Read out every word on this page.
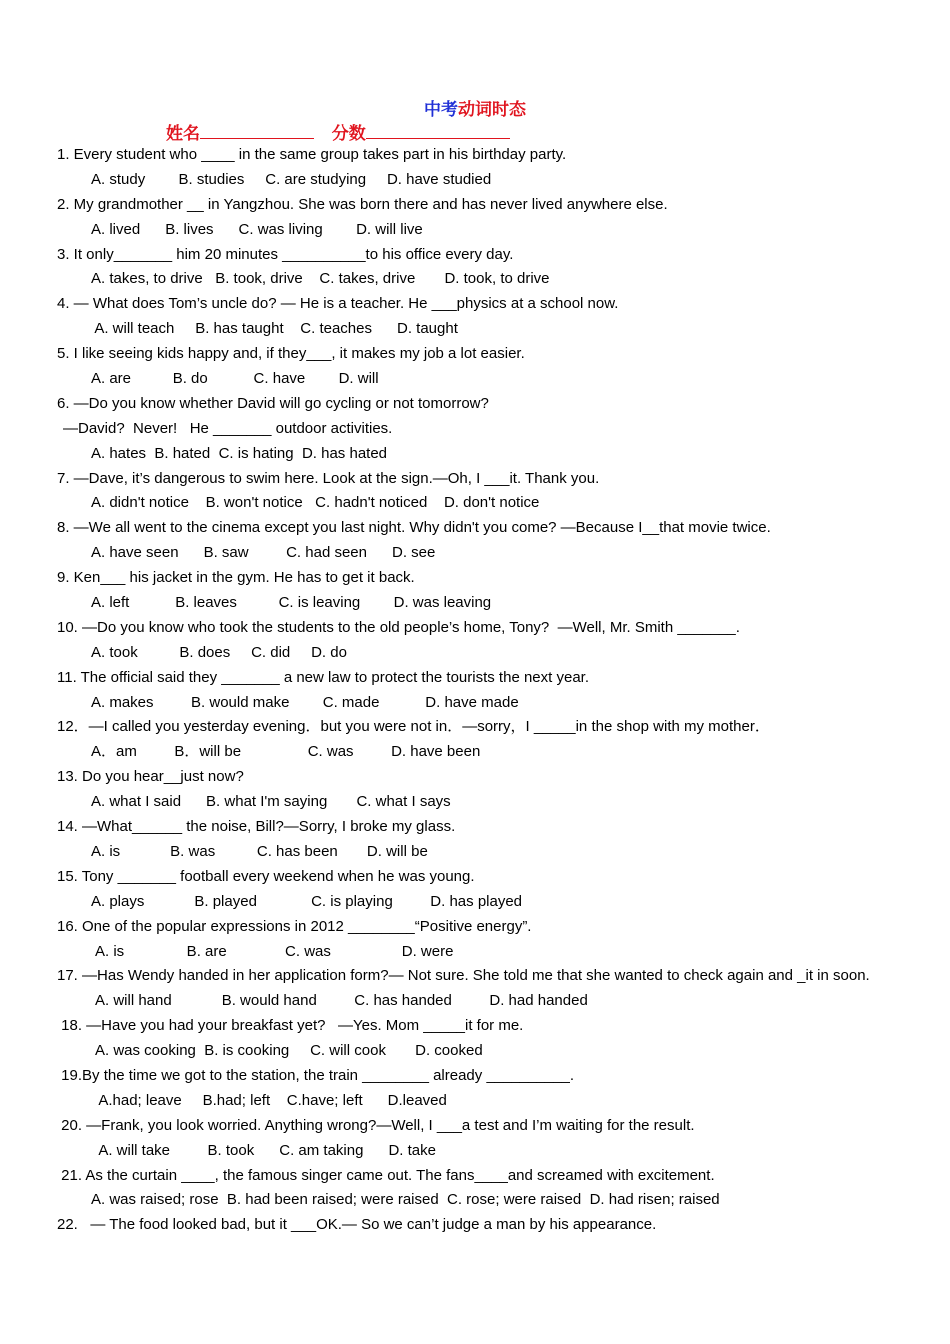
中考动词时态
姓名	分数
1. Every student who ____ in the same group takes part in his birthday party.
A. study        B. studies     C. are studying     D. have studied
2. My grandmother __ in Yangzhou. She was born there and has never lived anywhere else.
A. lived      B. lives      C. was living        D. will live
3. It only_______ him 20 minutes __________to his office every day.
A. takes, to drive   B. took, drive    C. takes, drive       D. took, to drive
4. — What does Tom’s uncle do? — He is a teacher. He ___physics at a school now.
A. will teach     B. has taught    C. teaches      D. taught
5. I like seeing kids happy and, if they___, it makes my job a lot easier.
A. are          B. do           C. have        D. will
6. —Do you know whether David will go cycling or not tomorrow?
—David?  Never!   He _______ outdoor activities.
A. hates  B. hated  C. is hating  D. has hated
7. —Dave, it’s dangerous to swim here. Look at the sign.—Oh, I ___it. Thank you.
A. didn't notice    B. won't notice   C. hadn't noticed    D. don't notice
8. —We all went to the cinema except you last night. Why didn't you come? —Because I__that movie twice.
A. have seen      B. saw         C. had seen      D. see
9. Ken___ his jacket in the gym. He has to get it back.
A. left           B. leaves          C. is leaving        D. was leaving
10. —Do you know who took the students to the old people’s home, Tony?  —Well, Mr. Smith _______.
A. took          B. does     C. did     D. do
11. The official said they _______ a new law to protect the tourists the next year.
A. makes         B. would make        C. made           D. have made
12．—I called you yesterday evening．but you were not in．—sorry，I _____in the shop with my mother．
A．am         B．will be                C. was         D. have been
13. Do you hear__just now?
A. what I said      B. what I'm saying       C. what I says
14. —What______ the noise, Bill?—Sorry, I broke my glass.
A. is            B. was          C. has been       D. will be
15. Tony _______ football every weekend when he was young.
A. plays            B. played             C. is playing         D. has played
16. One of the popular expressions in 2012 ________“Positive energy”.
A. is               B. are              C. was                 D. were
17. —Has Wendy handed in her application form?— Not sure. She told me that she wanted to check again and _it in soon.
A. will hand            B. would hand         C. has handed         D. had handed
18. —Have you had your breakfast yet?   —Yes. Mom _____it for me.
A. was cooking  B. is cooking     C. will cook       D. cooked
19.By the time we got to the station, the train ________ already __________.
A.had; leave     B.had; left    C.have; left      D.leaved
20. —Frank, you look worried. Anything wrong?—Well, I ___a test and I’m waiting for the result.
A. will take         B. took      C. am taking      D. take
21. As the curtain ____, the famous singer came out. The fans____and screamed with excitement.
A. was raised; rose  B. had been raised; were raised  C. rose; were raised  D. had risen; raised
22.   — The food looked bad, but it ___OK.— So we can’t judge a man by his appearance.
